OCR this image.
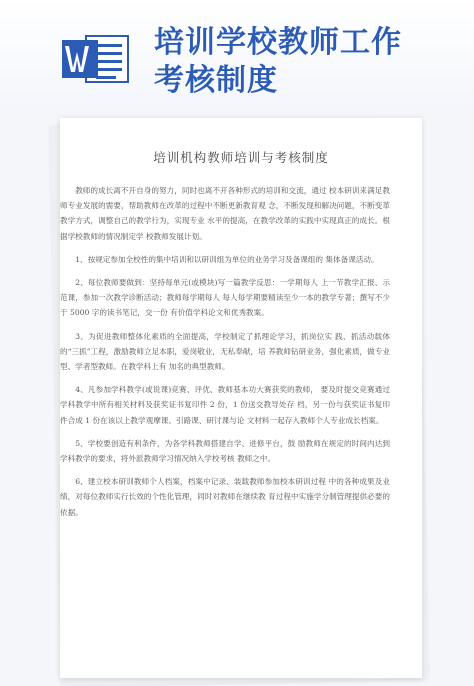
培训学校教师工作
考核制度
培训机构教师培训与考核制度

教师的成长离不开自身的努力，同时也离不开各种形式的培训和交流，通过 校本研训来满足教师专业发展的需要，帮助教师在改革的过程中不断更新教育观 念，不断发现和解决问题，不断变革教学方式，调整自己的教学行为，实现专业 水平的提高，在教学改革的实践中实现真正的成长。根据学校教师的情况制定学 校教师发展计划。

1、按规定参加全校性的集中培训和以研训组为单位的业务学习及备课组的 集体备课活动。

2、每位教师要做到：坚持每单元(或模块)写一篇教学反思：一学期每人 上一节教学汇报、示范课，参加一次教学诊断活动；教师每学期每人 每人每学期要精读至少一本的教学专著；撰写不少于 5000 字的读书笔记，交一份 有价值学科论文和优秀教案。

3、为促进教师整体化素质的全面提高，学校制定了抓理论学习，抓岗位实 践、抓活动载体的“三抓”工程，激励教师立足本职，爱岗敬业，无私奉献，培 养教师钻研业务，强化素质，做专业型、学者型教师。在教学科上有 加名的典型教师。

4、凡参加学科教学(或说课)竞赛、评优、教师基本功大赛获奖的教师， 要及时提交竞赛通过学科教学中所有相关材料及获奖证书复印件 2 份，1 份送交教导处存 档，另一份与获奖证书复印件合成 1 份在该以上教学观摩课、引路课、研讨课与论 文材料一起存入教师个人专业成长档案。

5、学校要创造有利条件，为各学科教师搭建自学、进修平台，鼓 励教师在规定的时间内达到学科教学的要求，将外派教师学习情况纳入学校考核 教师之中。

6、建立校本研训教师个人档案，档案中记录、装载教师参加校本研训过程 中的各种成果及业绩，对每位教师实行长效的个性化管理，同时对教师在继续教 育过程中实施学分制管理提供必要的依据。
